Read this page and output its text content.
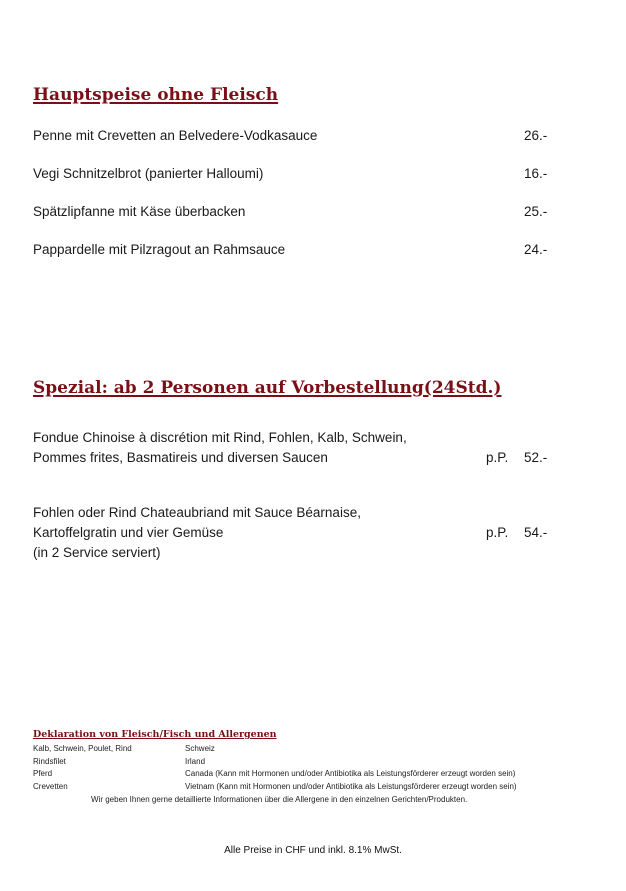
Hauptspeise ohne Fleisch
Penne mit Crevetten an Belvedere-Vodkasauce	26.-
Vegi Schnitzelbrot (panierter Halloumi)	16.-
Spätzlipfanne mit Käse überbacken	25.-
Pappardelle mit Pilzragout an Rahmsauce	24.-
Spezial: ab 2 Personen auf Vorbestellung(24Std.)
Fondue Chinoise à discrétion mit Rind, Fohlen, Kalb, Schwein,
Pommes frites, Basmatireis und diversen Saucen	p.P. 52.-
Fohlen oder Rind Chateaubriand mit Sauce Béarnaise,
Kartoffelgratin und vier Gemüse
(in 2 Service serviert)
p.P. 54.-
Deklaration von Fleisch/Fisch und Allergenen
Kalb, Schwein, Poulet, Rind	Schweiz
Rindsfilet	Irland
Pferd	Canada (Kann mit Hormonen und/oder Antibiotika als Leistungsförderer erzeugt worden sein)
Crevetten	Vietnam (Kann mit Hormonen und/oder Antibiotika als Leistungsförderer erzeugt worden sein)
Wir geben Ihnen gerne detaillierte Informationen über die Allergene in den einzelnen Gerichten/Produkten.
Alle Preise in CHF und inkl. 8.1% MwSt.
